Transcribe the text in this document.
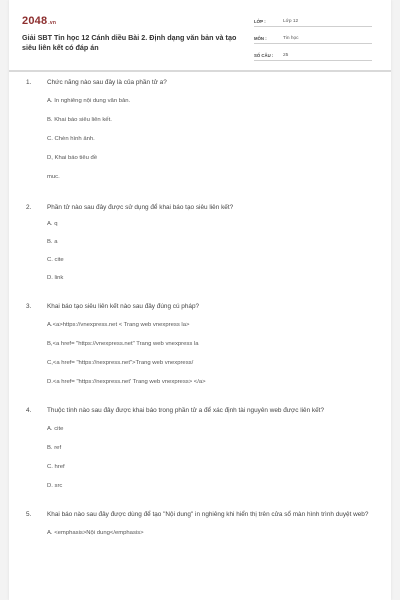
2048.vn
Giải SBT Tin học 12 Cánh diều Bài 2. Định dạng văn bản và tạo siêu liên kết có đáp án
LỚP :	Lớp 12
MÔN :	Tin học
SỐ CÂU :	25
1.	Chức năng nào sau đây là của phần tử a?
A. In nghiêng nội dung văn bản.
B. Khai báo siêu liên kết.
C. Chèn hình ảnh.
D, Khai báo tiêu đề
muc.
2.	Phần tử nào sau đây được sử dụng để khai báo tạo siêu liên kết?
A. q
B. a
C. cite
D. link
3.	Khai báo tạo siêu liên kết nào sau đây đúng cú pháp?
A.<a>https://vnexpress.net < Trang web vnexpress la>
B,<a href= "https://vnexpress.net" Trang web vnexpress la
C,<a href= "https://nexpress.net">Trang web vnexpress/
D.<a href= "https://nexpress.net' Trang web vnexpress> </a>
4.	Thuộc tính nào sau đây được khai báo trong phần tử a để xác định tài nguyên web được liên kết?
A. cite
B. ref
C. href
D. src
5.	Khai báo nào sau đây được dùng để tạo "Nội dung" in nghiêng khi hiển thị trên cửa sổ màn hình trình duyệt web?
A. <emphasis>Nội dung</emphasis>
